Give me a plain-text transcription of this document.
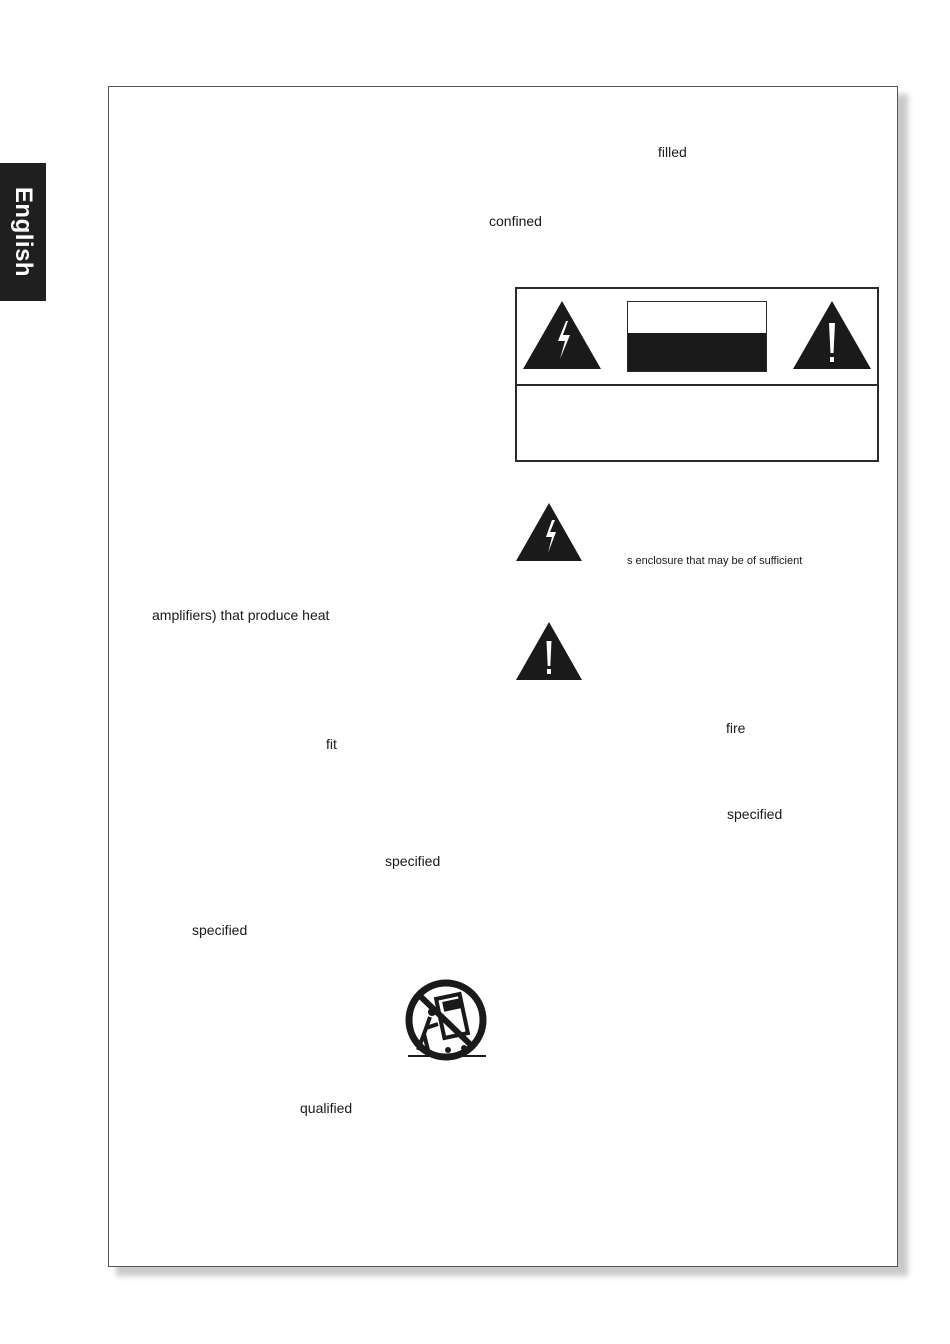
English
filled
confined
s enclosure that may be of sufficient
amplifiers) that produce heat
fire
fit
specified
specified
specified
qualified
